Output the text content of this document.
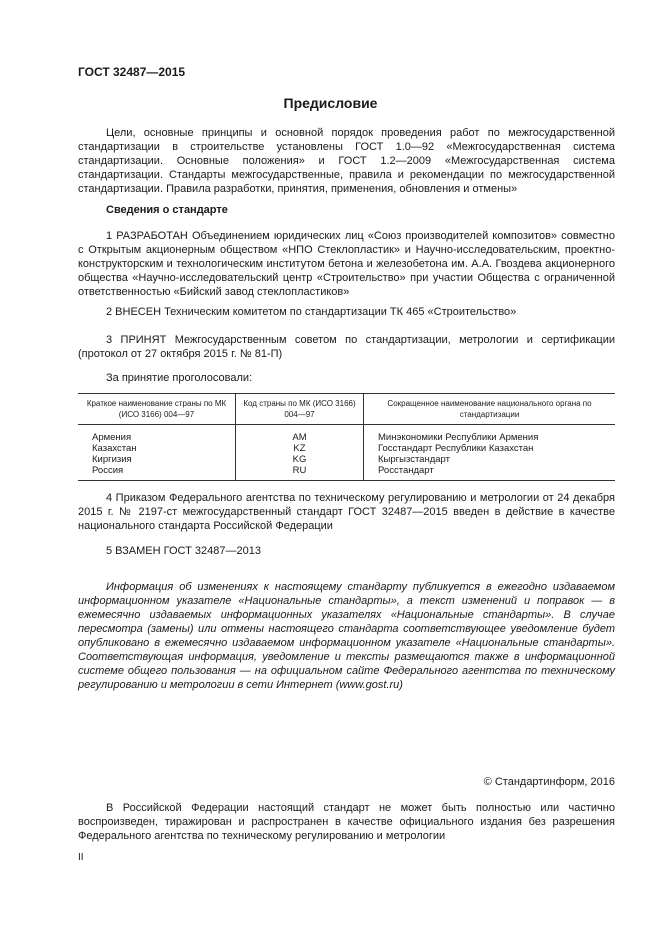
ГОСТ 32487—2015
Предисловие

Цели, основные принципы и основной порядок проведения работ по межгосударственной стандартизации в строительстве установлены ГОСТ 1.0—92 «Межгосударственная система стандартизации. Основные положения» и ГОСТ 1.2—2009 «Межгосударственная система стандартизации. Стандарты межгосударственные, правила и рекомендации по межгосударственной стандартизации. Правила разработки, принятия, применения, обновления и отмены»

Сведения о стандарте

1 РАЗРАБОТАН Объединением юридических лиц «Союз производителей композитов» совместно с Открытым акционерным обществом «НПО Стеклопластик» и Научно-исследовательским, проектно-конструкторским и технологическим институтом бетона и железобетона им. А.А. Гвоздева акционерного общества «Научно-исследовательский центр «Строительство» при участии Общества с ограниченной ответственностью «Бийский завод стеклопластиков»

2 ВНЕСЕН Техническим комитетом по стандартизации ТК 465 «Строительство»

3 ПРИНЯТ Межгосударственным советом по стандартизации, метрологии и сертификации (протокол от 27 октября 2015 г. № 81-П)

За принятие проголосовали:

Краткое наименование страны по МК (ИСО 3166) 004—97	Код страны по МК (ИСО 3166) 004—97	Сокращенное наименование национального органа по стандартизации
Армения	AM	Минэкономики Республики Армения
Казахстан	KZ	Госстандарт Республики Казахстан
Киргизия	KG	Кыргызстандарт
Россия	RU	Росстандарт

4 Приказом Федерального агентства по техническому регулированию и метрологии от 24 декабря 2015 г. № 2197-ст межгосударственный стандарт ГОСТ 32487—2015 введен в действие в качестве национального стандарта Российской Федерации

5 ВЗАМЕН ГОСТ 32487—2013

Информация об изменениях к настоящему стандарту публикуется в ежегодно издаваемом информационном указателе «Национальные стандарты», а текст изменений и поправок — в ежемесячно издаваемых информационных указателях «Национальные стандарты». В случае пересмотра (замены) или отмены настоящего стандарта соответствующее уведомление будет опубликовано в ежемесячно издаваемом информационном указателе «Национальные стандарты». Соответствующая информация, уведомление и тексты размещаются также в информационной системе общего пользования — на официальном сайте Федерального агентства по техническому регулированию и метрологии в сети Интернет (www.gost.ru)

© Стандартинформ, 2016

В Российской Федерации настоящий стандарт не может быть полностью или частично воспроизведен, тиражирован и распространен в качестве официального издания без разрешения Федерального агентства по техническому регулированию и метрологии

II
